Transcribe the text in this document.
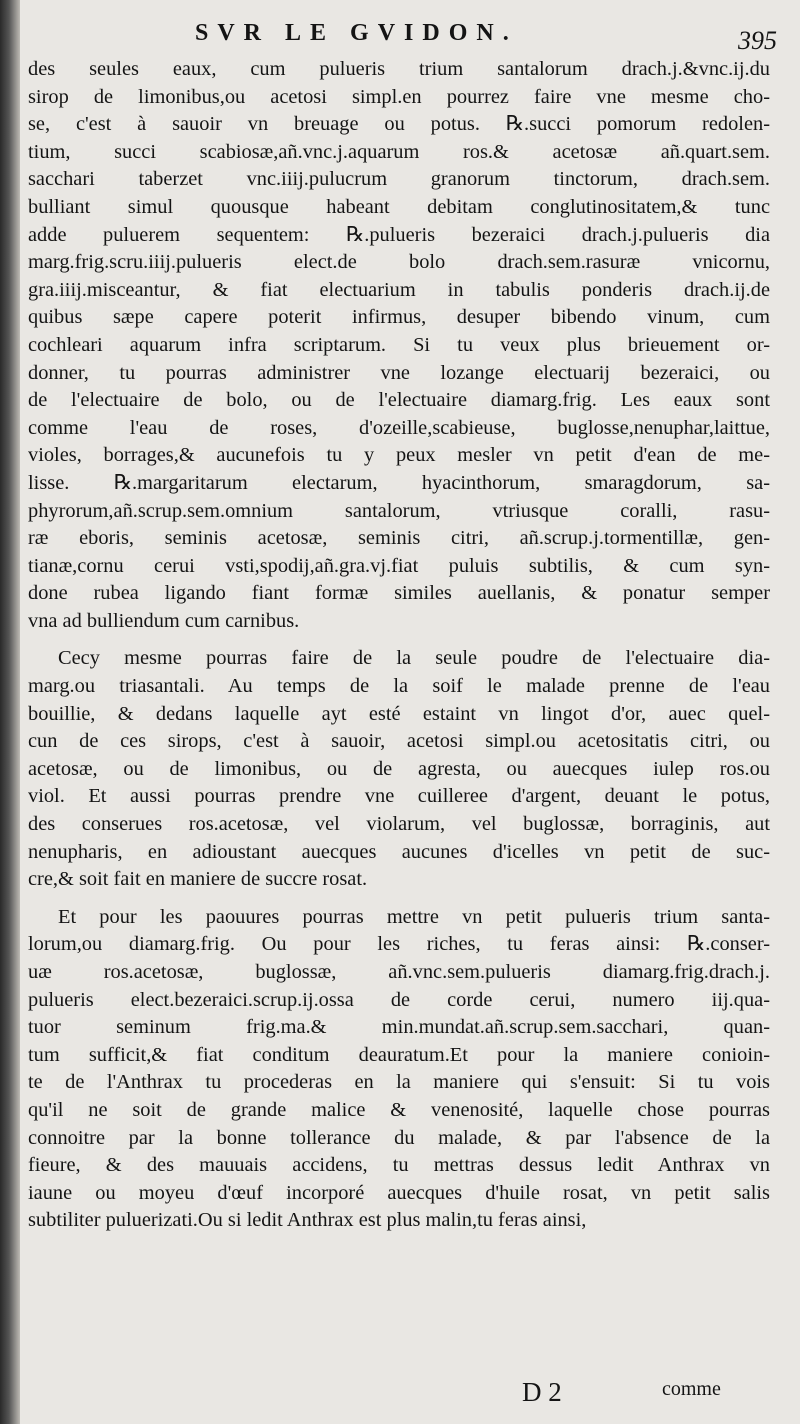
SVR LE GVIDON.	395
des seules eaux, cum pulueris trium santalorum drach.j.&vnc.ij.du
sirop de limonibus,ou acetosi simpl.en pourrez faire vne mesme cho-
se, c'est à sauoir vn breuage ou potus. ℞.succi pomorum redolen-
tium, succi scabiosæ,añ.vnc.j.aquarum ros.& acetosæ añ.quart.sem.
sacchari taberzet vnc.iiij.pulucrum granorum tinctorum, drach.sem.
bulliant simul quousque habeant debitam conglutinositatem,& tunc
adde puluerem sequentem: ℞.pulueris bezeraici drach.j.pulueris dia
marg.frig.scru.iiij.pulueris elect.de bolo drach.sem.rasuræ vnicornu,
gra.iiij.misceantur, & fiat electuarium in tabulis ponderis drach.ij.de
quibus sæpe capere poterit infirmus, desuper bibendo vinum, cum
cochleari aquarum infra scriptarum. Si tu veux plus brieuement or-
donner, tu pourras administrer vne lozange electuarij bezeraici, ou
de l'electuaire de bolo, ou de l'electuaire diamarg.frig. Les eaux sont
comme l'eau de roses, d'ozeille,scabieuse, buglosse,nenuphar,laittue,
violes, borrages,& aucunefois tu y peux mesler vn petit d'ean de me-
lisse. ℞.margaritarum electarum, hyacinthorum, smaragdorum, sa-
phyrorum,añ.scrup.sem.omnium santalorum, vtriusque coralli, rasu-
ræ eboris, seminis acetosæ, seminis citri, añ.scrup.j.tormentillæ, gen-
tianæ,cornu cerui vsti,spodij,añ.gra.vj.fiat puluis subtilis, & cum syn-
done rubea ligando fiant formæ similes auellanis, & ponatur semper
vna ad bulliendum cum carnibus.
Cecy mesme pourras faire de la seule poudre de l'electuaire dia-
marg.ou triasantali. Au temps de la soif le malade prenne de l'eau
bouillie, & dedans laquelle ayt esté estaint vn lingot d'or, auec quel-
cun de ces sirops, c'est à sauoir, acetosi simpl.ou acetositatis citri, ou
acetosæ, ou de limonibus, ou de agresta, ou auecques iulep ros.ou
viol. Et aussi pourras prendre vne cuilleree d'argent, deuant le potus,
des conserues ros.acetosæ, vel violarum, vel buglossæ, borraginis, aut
nenupharis, en adioustant auecques aucunes d'icelles vn petit de suc-
cre,& soit fait en maniere de succre rosat.
Et pour les paouures pourras mettre vn petit pulueris trium santa-
lorum,ou diamarg.frig. Ou pour les riches, tu feras ainsi: ℞.conser-
uæ ros.acetosæ, buglossæ, añ.vnc.sem.pulueris diamarg.frig.drach.j.
pulueris elect.bezeraici.scrup.ij.ossa de corde cerui, numero iij.qua-
tuor seminum frig.ma.& min.mundat.añ.scrup.sem.sacchari, quan-
tum sufficit,& fiat conditum deauratum.Et pour la maniere conioin-
te de l'Anthrax tu procederas en la maniere qui s'ensuit: Si tu vois
qu'il ne soit de grande malice & venenosité, laquelle chose pourras
connoitre par la bonne tollerance du malade, & par l'absence de la
fieure, & des mauuais accidens, tu mettras dessus ledit Anthrax vn
iaune ou moyeu d'œuf incorporé auecques d'huile rosat, vn petit salis
subtiliter puluerizati.Ou si ledit Anthrax est plus malin,tu feras ainsi,
D 2	comme
